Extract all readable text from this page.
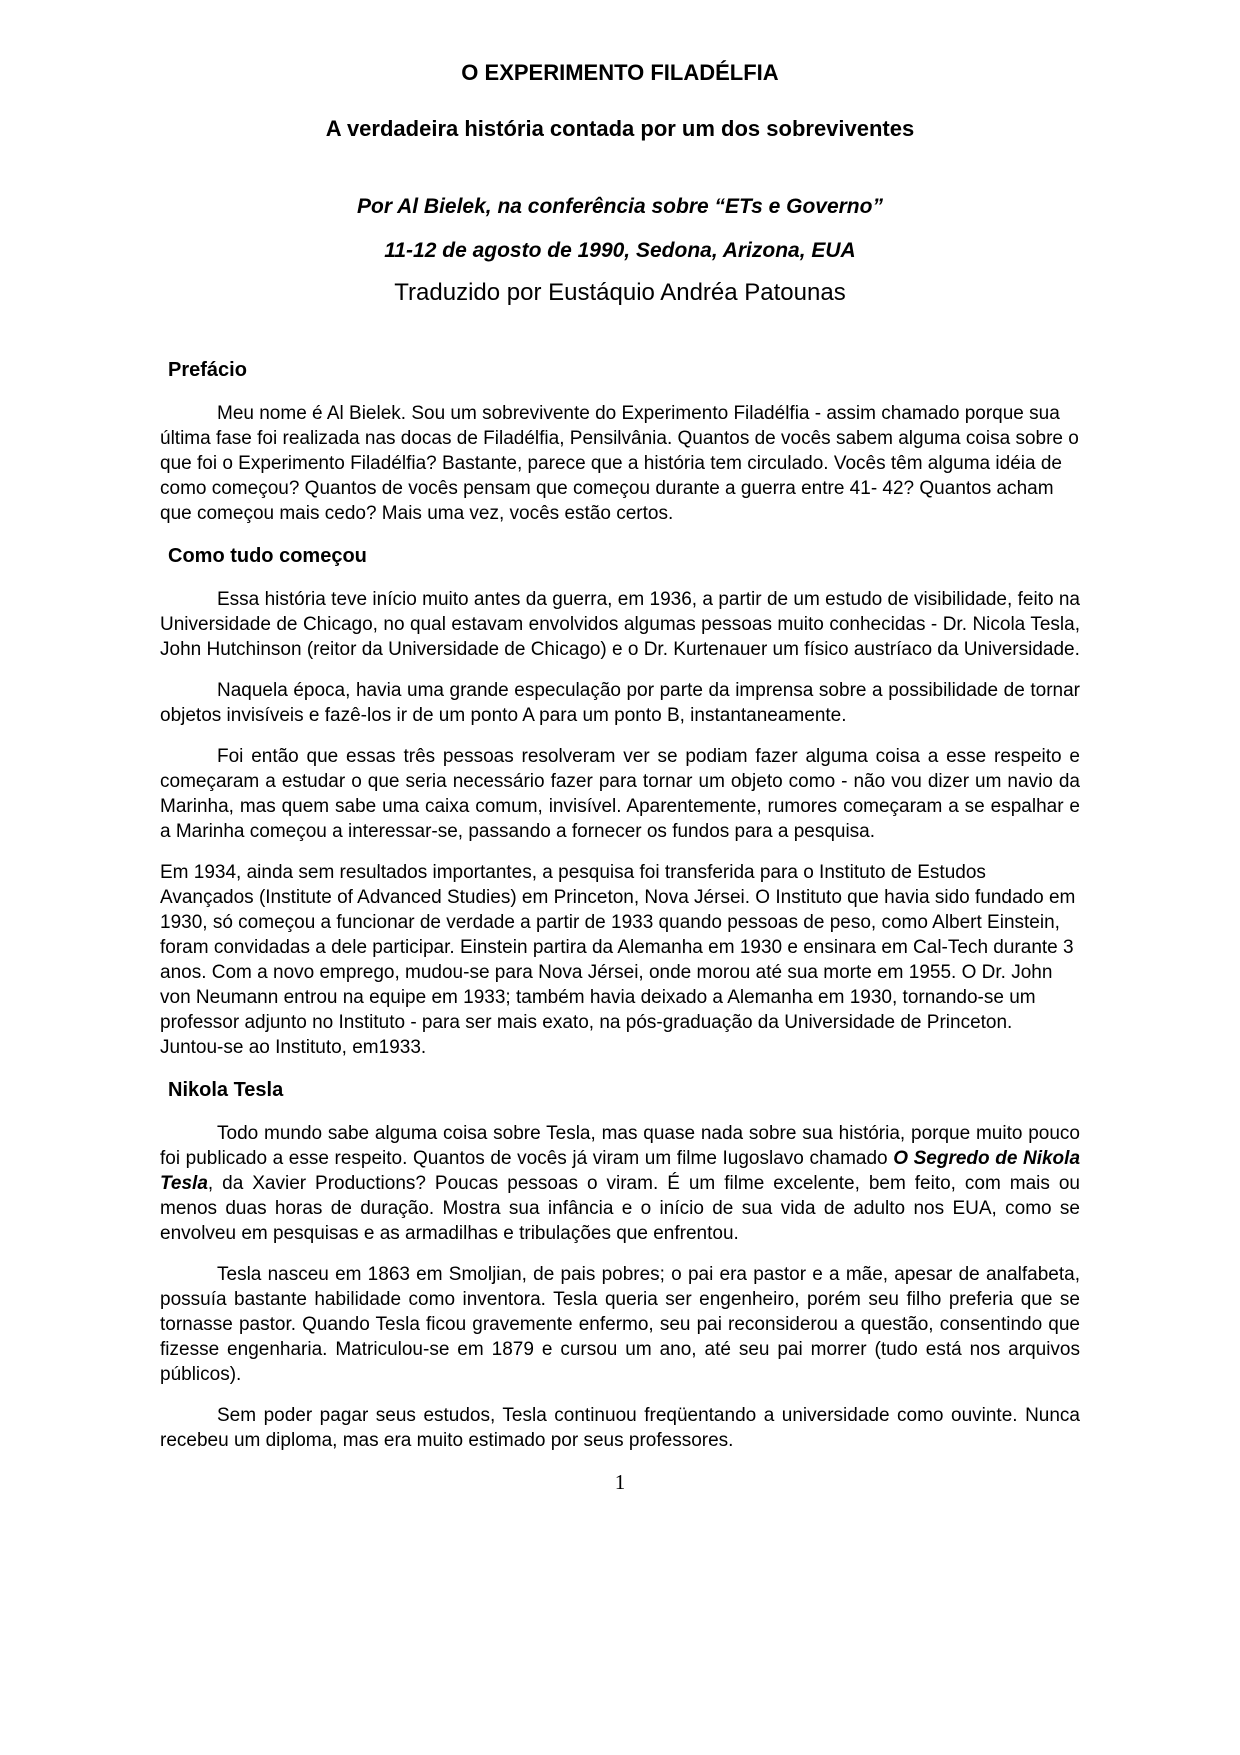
O EXPERIMENTO FILADÉLFIA
A verdadeira história contada por um dos sobreviventes
Por Al Bielek, na conferência sobre “ETs e Governo”
11-12 de agosto de 1990, Sedona, Arizona, EUA
Traduzido por Eustáquio Andréa Patounas
Prefácio

Meu nome é Al Bielek. Sou um sobrevivente do Experimento Filadélfia - assim chamado porque sua última fase foi realizada nas docas de Filadélfia, Pensilvânia. Quantos de vocês sabem alguma coisa sobre o que foi o Experimento Filadélfia? Bastante, parece que a história tem circulado. Vocês têm alguma idéia de como começou? Quantos de vocês pensam que começou durante a guerra entre 41- 42? Quantos acham que começou mais cedo? Mais uma vez, vocês estão certos.

Como tudo começou

Essa história teve início muito antes da guerra, em 1936, a partir de um estudo de visibilidade, feito na Universidade de Chicago, no qual estavam envolvidos algumas pessoas muito conhecidas - Dr. Nicola Tesla, John Hutchinson (reitor da Universidade de Chicago) e o Dr. Kurtenauer um físico austríaco da Universidade.

Naquela época, havia uma grande especulação por parte da imprensa sobre a possibilidade de tornar objetos invisíveis e fazê-los ir de um ponto A para um ponto B, instantaneamente.

Foi então que essas três pessoas resolveram ver se podiam fazer alguma coisa a esse respeito e começaram a estudar o que seria necessário fazer para tornar um objeto como - não vou dizer um navio da Marinha, mas quem sabe uma caixa comum, invisível. Aparentemente, rumores começaram a se espalhar e a Marinha começou a interessar-se, passando a fornecer os fundos para a pesquisa.

Em 1934, ainda sem resultados importantes, a pesquisa foi transferida para o Instituto de Estudos Avançados (Institute of Advanced Studies) em Princeton, Nova Jérsei. O Instituto que havia sido fundado em 1930, só começou a funcionar de verdade a partir de 1933 quando pessoas de peso, como Albert Einstein, foram convidadas a dele participar. Einstein partira da Alemanha em 1930 e ensinara em Cal-Tech durante 3 anos. Com a novo emprego, mudou-se para Nova Jérsei, onde morou até sua morte em 1955. O Dr. John von Neumann entrou na equipe em 1933; também havia deixado a Alemanha em 1930, tornando-se um professor adjunto no Instituto - para ser mais exato, na pós-graduação da Universidade de Princeton. Juntou-se ao Instituto, em1933.

Nikola Tesla

Todo mundo sabe alguma coisa sobre Tesla, mas quase nada sobre sua história, porque muito pouco foi publicado a esse respeito. Quantos de vocês já viram um filme Iugoslavo chamado O Segredo de Nikola Tesla, da Xavier Productions? Poucas pessoas o viram. É um filme excelente, bem feito, com mais ou menos duas horas de duração. Mostra sua infância e o início de sua vida de adulto nos EUA, como se envolveu em pesquisas e as armadilhas e tribulações que enfrentou.

Tesla nasceu em 1863 em Smoljian, de pais pobres; o pai era pastor e a mãe, apesar de analfabeta, possuía bastante habilidade como inventora. Tesla queria ser engenheiro, porém seu filho preferia que se tornasse pastor. Quando Tesla ficou gravemente enfermo, seu pai reconsiderou a questão, consentindo que fizesse engenharia. Matriculou-se em 1879 e cursou um ano, até seu pai morrer (tudo está nos arquivos públicos).

Sem poder pagar seus estudos, Tesla continuou freqüentando a universidade como ouvinte. Nunca recebeu um diploma, mas era muito estimado por seus professores.

1
